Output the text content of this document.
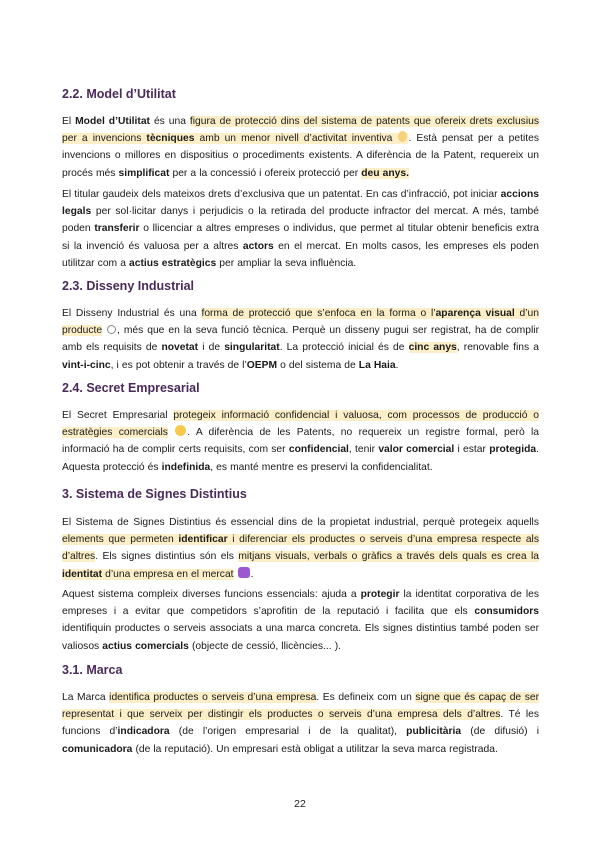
2.2. Model d’Utilitat

El Model d’Utilitat és una figura de protecció dins del sistema de patents que ofereix drets exclusius per a invencions tècniques amb un menor nivell d’activitat inventiva . Està pensat per a petites invencions o millores en dispositius o procediments existents. A diferència de la Patent, requereix un procés més simplificat per a la concessió i ofereix protecció per deu anys.

El titular gaudeix dels mateixos drets d’exclusiva que un patentat. En cas d’infracció, pot iniciar accions legals per sol·licitar danys i perjudicis o la retirada del producte infractor del mercat. A més, també poden transferir o llicenciar a altres empreses o individus, que permet al titular obtenir beneficis extra si la invenció és valuosa per a altres actors en el mercat. En molts casos, les empreses els poden utilitzar com a actius estratègics per ampliar la seva influència.

2.3. Disseny Industrial

El Disseny Industrial és una forma de protecció que s’enfoca en la forma o l’aparença visual d’un producte , més que en la seva funció tècnica. Perquè un disseny pugui ser registrat, ha de complir amb els requisits de novetat i de singularitat. La protecció inicial és de cinc anys, renovable fins a vint-i-cinc, i es pot obtenir a través de l’OEPM o del sistema de La Haia.

2.4. Secret Empresarial

El Secret Empresarial protegeix informació confidencial i valuosa, com processos de producció o estratègies comercials . A diferència de les Patents, no requereix un registre formal, però la informació ha de complir certs requisits, com ser confidencial, tenir valor comercial i estar protegida. Aquesta protecció és indefinida, es manté mentre es preservi la confidencialitat.

3. Sistema de Signes Distintius

El Sistema de Signes Distintius és essencial dins de la propietat industrial, perquè protegeix aquells elements que permeten identificar i diferenciar els productes o serveis d’una empresa respecte als d’altres. Els signes distintius són els mitjans visuals, verbals o gràfics a través dels quals es crea la identitat d’una empresa en el mercat .

Aquest sistema compleix diverses funcions essencials: ajuda a protegir la identitat corporativa de les empreses i a evitar que competidors s’aprofitin de la reputació i facilita que els consumidors identifiquin productes o serveis associats a una marca concreta. Els signes distintius també poden ser valiosos actius comercials (objecte de cessió, llicències... ).

3.1. Marca

La Marca identifica productes o serveis d’una empresa. Es defineix com un signe que és capaç de ser representat i que serveix per distingir els productes o serveis d’una empresa dels d’altres. Té les funcions d’indicadora (de l’origen empresarial i de la qualitat), publicitària (de difusió) i comunicadora (de la reputació). Un empresari està obligat a utilitzar la seva marca registrada.

22
